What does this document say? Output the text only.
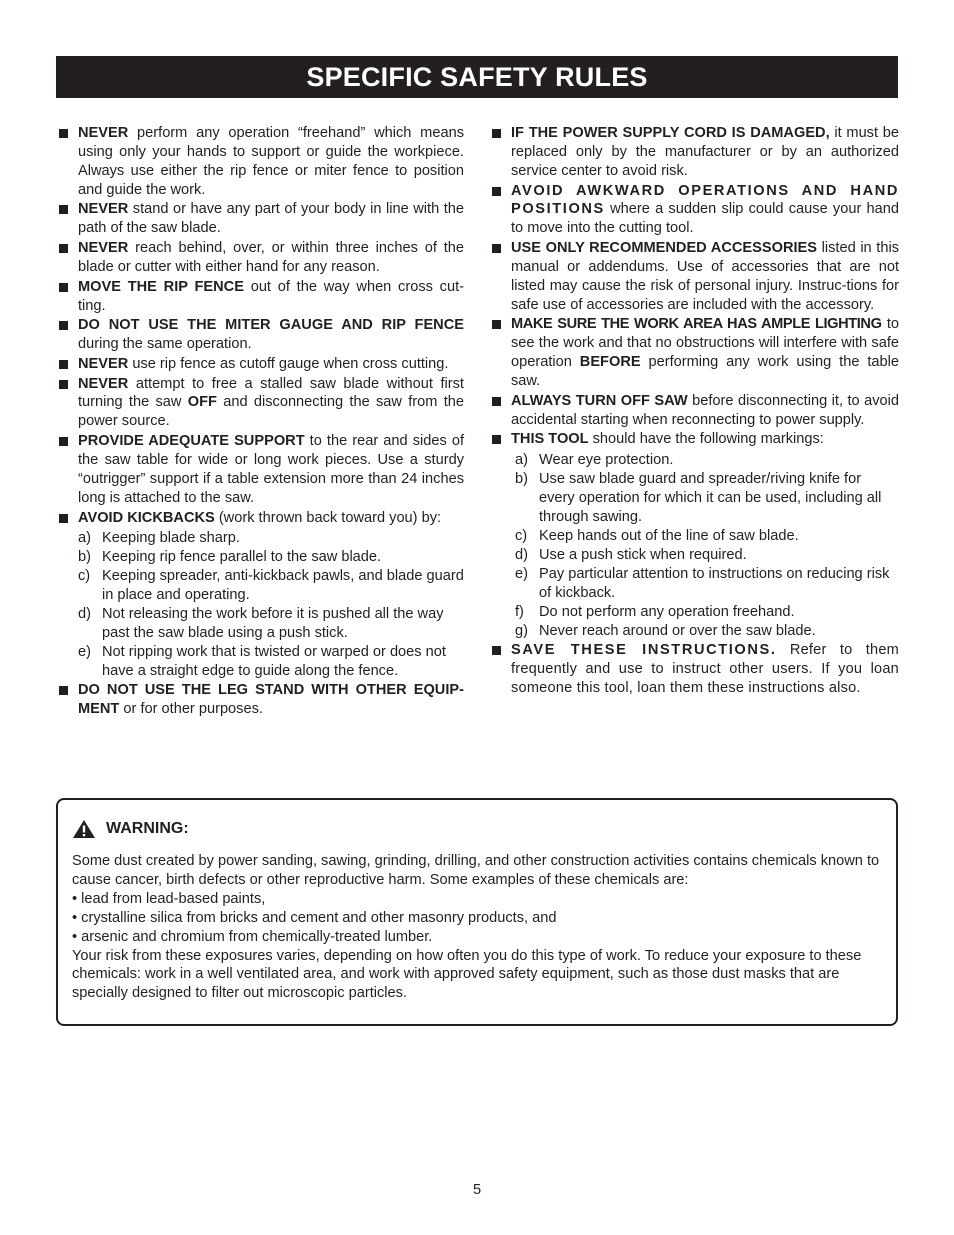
SPECIFIC SAFETY RULES
NEVER perform any operation “freehand” which means using only your hands to support or guide the workpiece. Always use either the rip fence or miter fence to position and guide the work.
NEVER stand or have any part of your body in line with the path of the saw blade.
NEVER reach behind, over, or within three inches of the blade or cutter with either hand for any reason.
MOVE THE RIP FENCE out of the way when cross cut-ting.
DO NOT USE THE MITER GAUGE AND RIP FENCE during the same operation.
NEVER use rip fence as cutoff gauge when cross cutting.
NEVER attempt to free a stalled saw blade without first turning the saw OFF and disconnecting the saw from the power source.
PROVIDE ADEQUATE SUPPORT to the rear and sides of the saw table for wide or long work pieces. Use a sturdy “outrigger” support if a table extension more than 24 inches long is attached to the saw.
AVOID KICKBACKS (work thrown back toward you) by:
a) Keeping blade sharp.
b) Keeping rip fence parallel to the saw blade.
c) Keeping spreader, anti-kickback pawls, and blade guard in place and operating.
d) Not releasing the work before it is pushed all the way past the saw blade using a push stick.
e) Not ripping work that is twisted or warped or does not have a straight edge to guide along the fence.
DO NOT USE THE LEG STAND WITH OTHER EQUIP-MENT or for other purposes.
IF THE POWER SUPPLY CORD IS DAMAGED, it must be replaced only by the manufacturer or by an authorized service center to avoid risk.
AVOID AWKWARD OPERATIONS AND HAND POSITIONS where a sudden slip could cause your hand to move into the cutting tool.
USE ONLY RECOMMENDED ACCESSORIES listed in this manual or addendums. Use of accessories that are not listed may cause the risk of personal injury. Instruc-tions for safe use of accessories are included with the accessory.
MAKE SURE THE WORK AREA HAS AMPLE LIGHTING to see the work and that no obstructions will interfere with safe operation BEFORE performing any work using the table saw.
ALWAYS TURN OFF SAW before disconnecting it, to avoid accidental starting when reconnecting to power supply.
THIS TOOL should have the following markings:
a) Wear eye protection.
b) Use saw blade guard and spreader/riving knife for every operation for which it can be used, including all through sawing.
c) Keep hands out of the line of saw blade.
d) Use a push stick when required.
e) Pay particular attention to instructions on reducing risk of kickback.
f)	Do not perform any operation freehand.
g) Never reach around or over the saw blade.
SAVE THESE INSTRUCTIONS. Refer to them frequently and use to instruct other users. If you loan someone this tool, loan them these instructions also.
WARNING:

Some dust created by power sanding, sawing, grinding, drilling, and other construction activities contains chemicals known to cause cancer, birth defects or other reproductive harm. Some examples of these chemicals are:

• lead from lead-based paints,

• crystalline silica from bricks and cement and other masonry products, and

• arsenic and chromium from chemically-treated lumber.

Your risk from these exposures varies, depending on how often you do this type of work. To reduce your exposure to these chemicals: work in a well ventilated area, and work with approved safety equipment, such as those dust masks that are specially designed to filter out microscopic particles.

5
